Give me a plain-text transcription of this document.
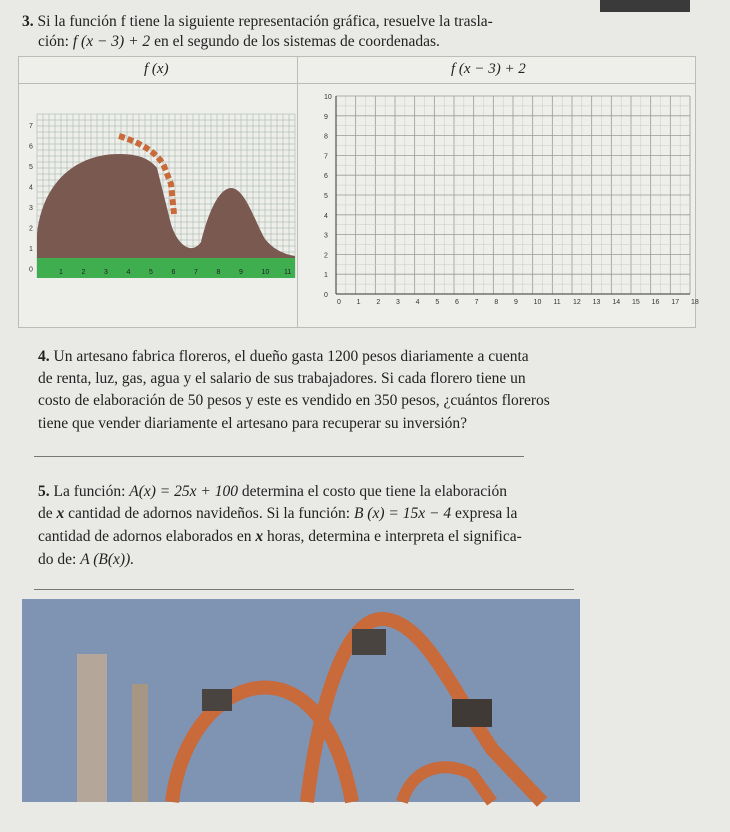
3. Si la función f tiene la siguiente representación gráfica, resuelve la trasla-
ción: f (x − 3) + 2 en el segundo de los sistemas de coordenadas.
f (x)	f (x − 3) + 2
7
6
5
4
3
2
1
0	1	2	3	4	5	6	7	8	9	10 11
0 1 2 3 4 5 6 7 8 9 10 11 12 13 14 15 16 17 18
0
1
2
3
4
5
6
7
8
9
10
4. Un artesano fabrica floreros, el dueño gasta 1200 pesos diariamente a cuenta
de renta, luz, gas, agua y el salario de sus trabajadores. Si cada florero tiene un
costo de elaboración de 50 pesos y este es vendido en 350 pesos, ¿cuántos floreros
tiene que vender diariamente el artesano para recuperar su inversión?
5. La función: A(x) = 25x + 100 determina el costo que tiene la elaboración
de x cantidad de adornos navideños. Si la función: B (x) = 15x − 4 expresa la
cantidad de adornos elaborados en x horas, determina e interpreta el significa-
do de: A (B(x)).
